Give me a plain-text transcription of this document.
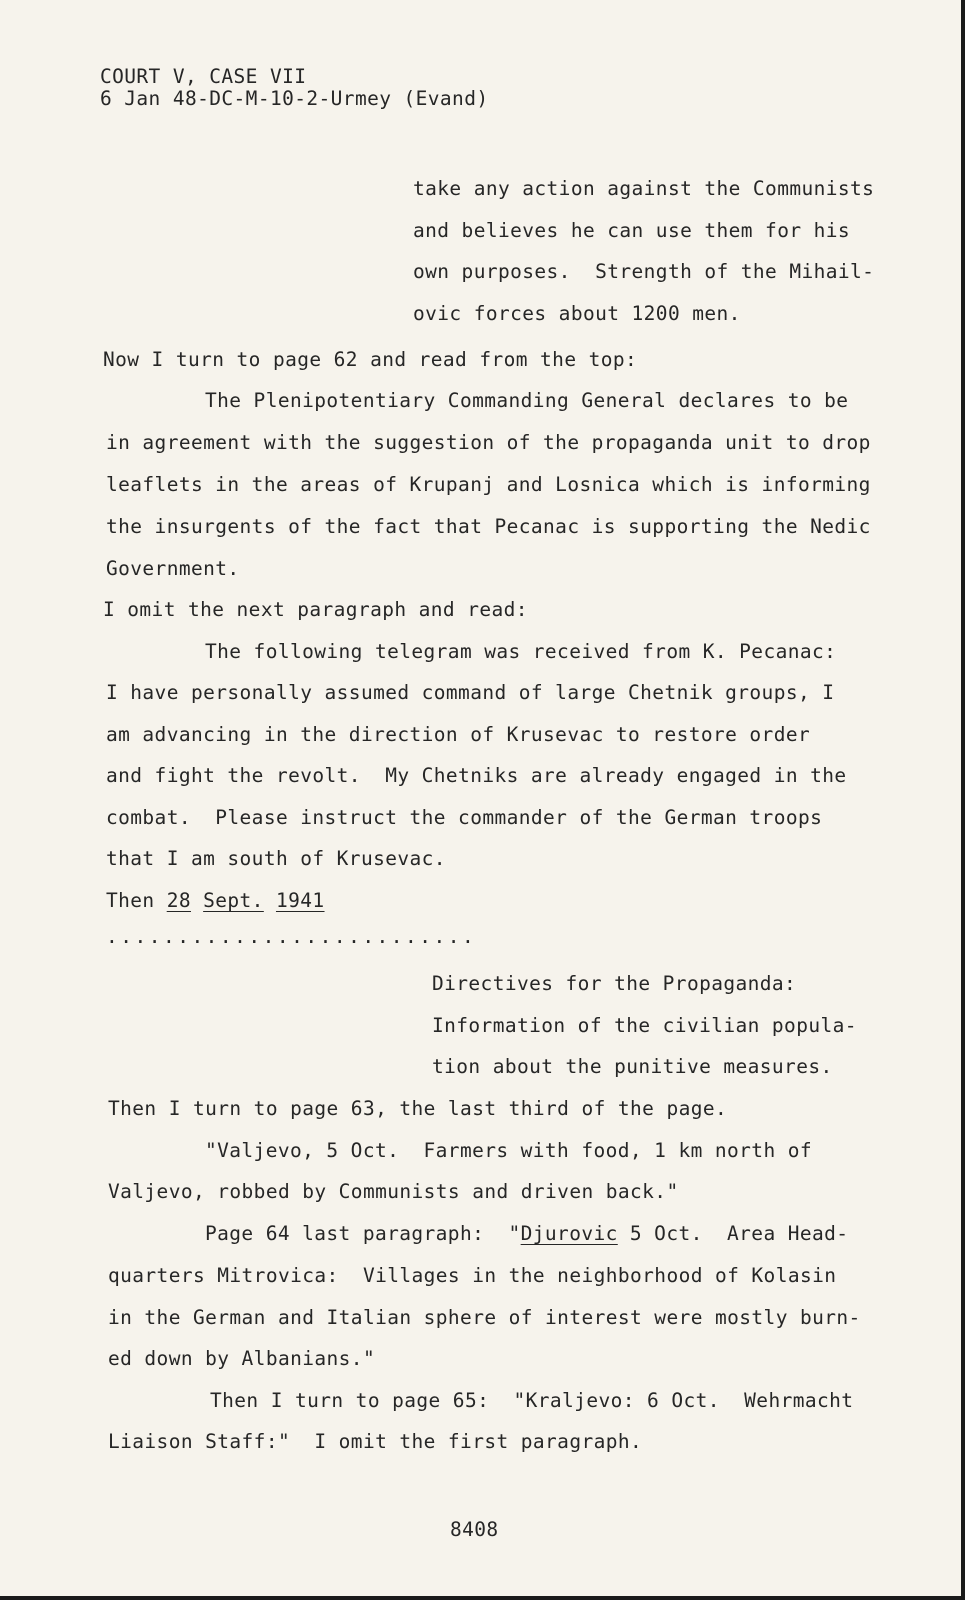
COURT V, CASE VII
6 Jan 48-DC-M-10-2-Urmey (Evand)
take any action against the Communists
and believes he can use them for his
own purposes.  Strength of the Mihail-
ovic forces about 1200 men.
Now I turn to page 62 and read from the top:
The Plenipotentiary Commanding General declares to be
in agreement with the suggestion of the propaganda unit to drop
leaflets in the areas of Krupanj and Losnica which is informing
the insurgents of the fact that Pecanac is supporting the Nedic
Government.
I omit the next paragraph and read:
The following telegram was received from K. Pecanac:
I have personally assumed command of large Chetnik groups, I
am advancing in the direction of Krusevac to restore order
and fight the revolt.  My Chetniks are already engaged in the
combat.  Please instruct the commander of the German troops
that I am south of Krusevac.
Then 28 Sept. 1941
..........................
Directives for the Propaganda:
Information of the civilian popula-
tion about the punitive measures.
Then I turn to page 63, the last third of the page.
"Valjevo, 5 Oct.  Farmers with food, 1 km north of
Valjevo, robbed by Communists and driven back."
Page 64 last paragraph:  "Djurovic 5 Oct.  Area Head-
quarters Mitrovica:  Villages in the neighborhood of Kolasin
in the German and Italian sphere of interest were mostly burn-
ed down by Albanians."
Then I turn to page 65:  "Kraljevo: 6 Oct.  Wehrmacht
Liaison Staff:"  I omit the first paragraph.
8408
